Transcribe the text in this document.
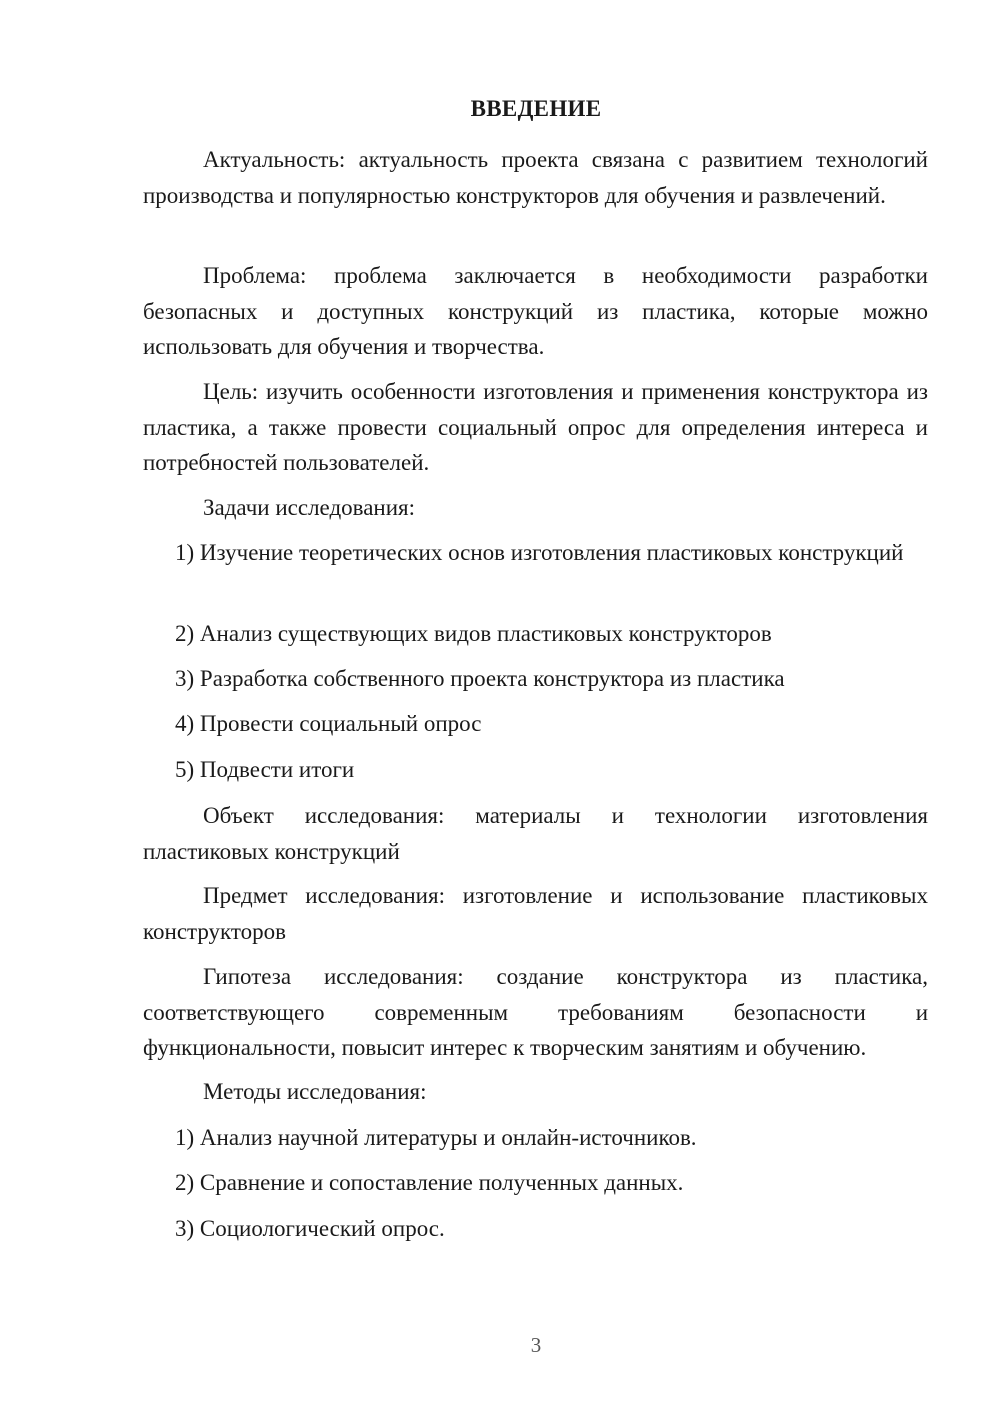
ВВЕДЕНИЕ

Актуальность: актуальность проекта связана с развитием технологий производства и популярностью конструкторов для обучения и развлечений.

Проблема: проблема заключается в необходимости разработки безопасных и доступных конструкций из пластика, которые можно использовать для обучения и творчества.

Цель: изучить особенности изготовления и применения конструктора из пластика, а также провести социальный опрос для определения интереса и потребностей пользователей.

Задачи исследования:

1) Изучение теоретических основ изготовления пластиковых конструкций

2) Анализ существующих видов пластиковых конструкторов

3) Разработка собственного проекта конструктора из пластика

4) Провести социальный опрос

5) Подвести итоги

Объект исследования: материалы и технологии изготовления пластиковых конструкций

Предмет исследования: изготовление и использование пластиковых конструкторов

Гипотеза исследования: создание конструктора из пластика, соответствующего современным требованиям безопасности и функциональности, повысит интерес к творческим занятиям и обучению.

Методы исследования:

1) Анализ научной литературы и онлайн-источников.

2) Сравнение и сопоставление полученных данных.

3) Социологический опрос.

3
